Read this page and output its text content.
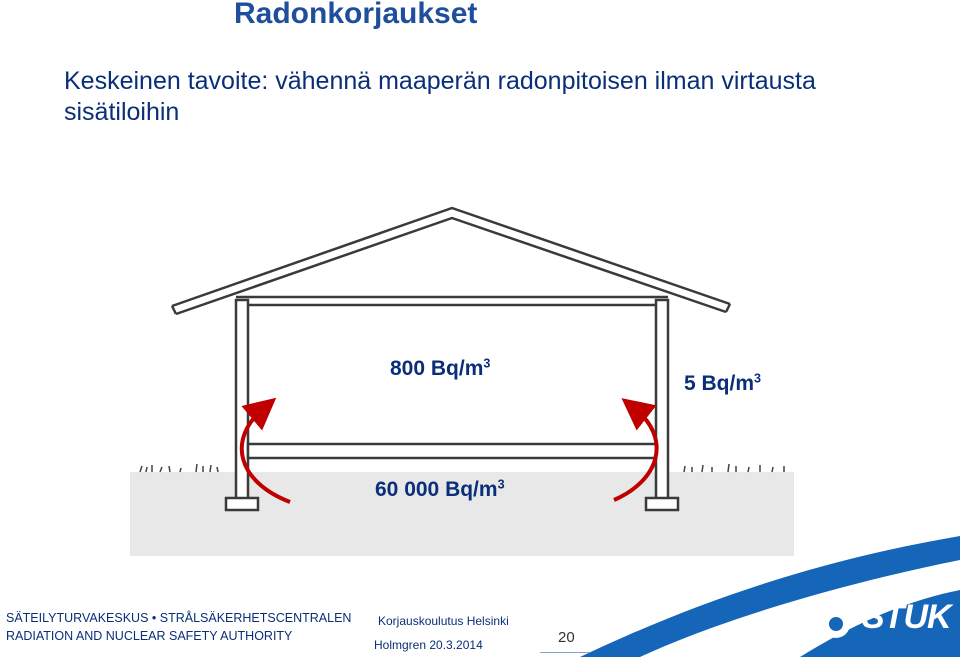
Radonkorjaukset
Keskeinen tavoite: vähennä maaperän radonpitoisen ilman virtausta sisätiloihin
800 $Bq/m^3$
5 $Bq/m^3$
60 000 $Bq/m^3$
STUK
SÄTEILYTURVAKESKUS • STRÅLSÄKERHETSCENTRALEN
RADIATION AND NUCLEAR SAFETY AUTHORITY
Korjauskoulutus Helsinki
Holmgren 20.3.2014	20
